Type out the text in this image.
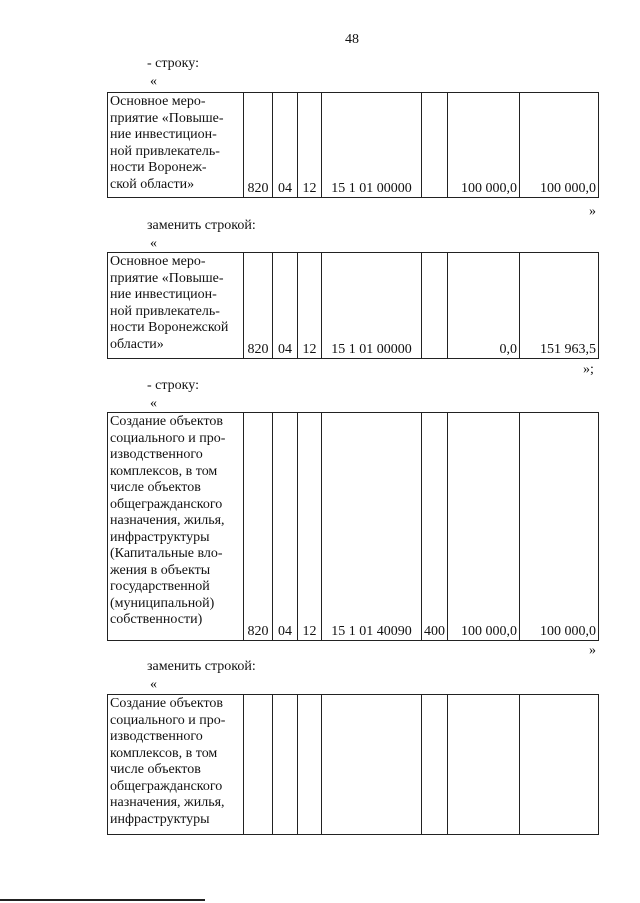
48
- строку:
«
Основное меро-
приятие «Повыше-
ние инвестицион-
ной привлекатель-
ности Воронеж-
ской области»	820	04	12	15 1 01 00000		100 000,0	100 000,0
»
заменить строкой:
«
Основное меро-
приятие «Повыше-
ние инвестицион-
ной привлекатель-
ности Воронежской
области»	820	04	12	15 1 01 00000		0,0	151 963,5
»;
- строку:
«
Создание объектов
социального и про-
изводственного
комплексов, в том
числе объектов
общегражданского
назначения, жилья,
инфраструктуры
(Капитальные вло-
жения в объекты
государственной
(муниципальной)
собственности)	820	04	12	15 1 01 40090	400	100 000,0	100 000,0
»
заменить строкой:
«
Создание объектов
социального и про-
изводственного
комплексов, в том
числе объектов
общегражданского
назначения, жилья,
инфраструктуры							
